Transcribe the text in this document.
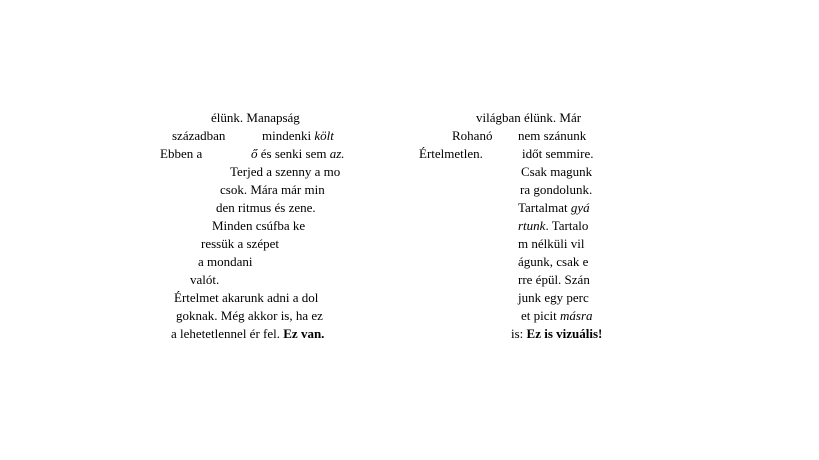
élünk. Manapság
században	mindenki költ
Ebben a	ő és senki sem az.
Terjed a szenny a mo
csok. Mára már min
den ritmus és zene.
Minden csúfba ke
ressük a szépet
a mondani
valót.
Értelmet akarunk adni a dol
goknak. Még akkor is, ha ez
a lehetetlennel ér fel. Ez van.
világban élünk. Már
Rohanó nem szánunk
Értelmetlen.	időt semmire.
Csak magunk
ra gondolunk.
Tartalmat gyá
rtunk. Tartalo
m nélküli vil
águnk, csak e
rre épül. Szán
junk egy perc
et picit másra
is: Ez is vizuális!
